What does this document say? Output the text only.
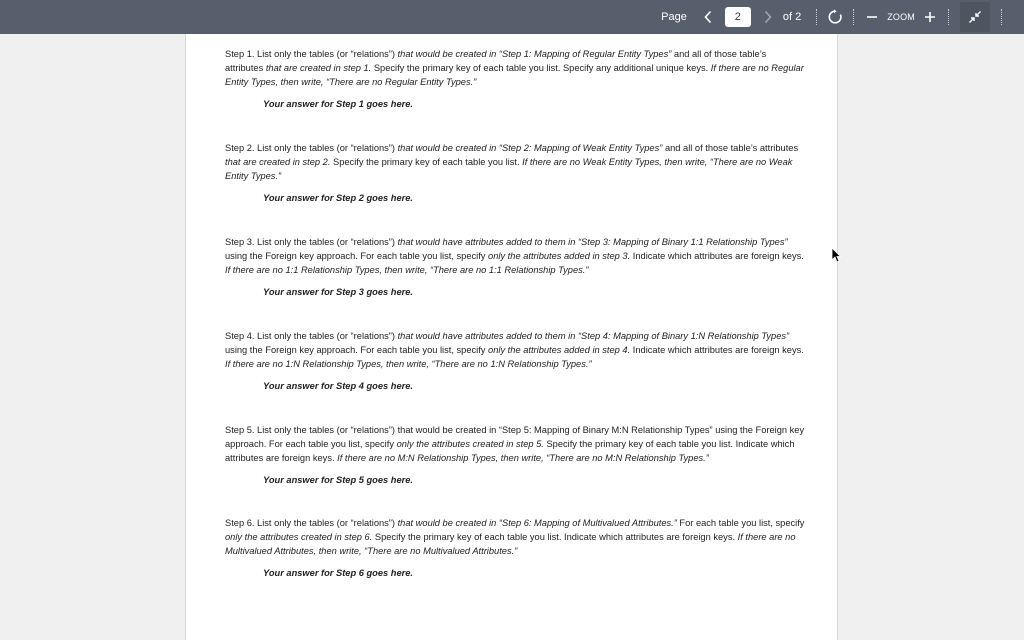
Page
2	of 2	ZOOM

Step 1. List only the tables (or “relations”) that would be created in “Step 1: Mapping of Regular Entity Types” and all of those table’s attributes that are created in step 1. Specify the primary key of each table you list. Specify any additional unique keys. If there are no Regular Entity Types, then write, “There are no Regular Entity Types.”

Your answer for Step 1 goes here.

Step 2. List only the tables (or “relations”) that would be created in “Step 2: Mapping of Weak Entity Types” and all of those table’s attributes that are created in step 2. Specify the primary key of each table you list. If there are no Weak Entity Types, then write, “There are no Weak Entity Types.”

Your answer for Step 2 goes here.

Step 3. List only the tables (or “relations”) that would have attributes added to them in “Step 3: Mapping of Binary 1:1 Relationship Types” using the Foreign key approach. For each table you list, specify only the attributes added in step 3. Indicate which attributes are foreign keys. If there are no 1:1 Relationship Types, then write, “There are no 1:1 Relationship Types.”

Your answer for Step 3 goes here.

Step 4. List only the tables (or “relations”) that would have attributes added to them in “Step 4: Mapping of Binary 1:N Relationship Types” using the Foreign key approach. For each table you list, specify only the attributes added in step 4. Indicate which attributes are foreign keys. If there are no 1:N Relationship Types, then write, “There are no 1:N Relationship Types.”

Your answer for Step 4 goes here.

Step 5. List only the tables (or “relations”) that would be created in “Step 5: Mapping of Binary M:N Relationship Types” using the Foreign key approach. For each table you list, specify only the attributes created in step 5. Specify the primary key of each table you list. Indicate which attributes are foreign keys. If there are no M:N Relationship Types, then write, “There are no M:N Relationship Types.”

Your answer for Step 5 goes here.

Step 6. List only the tables (or “relations”) that would be created in “Step 6: Mapping of Multivalued Attributes.” For each table you list, specify only the attributes created in step 6. Specify the primary key of each table you list. Indicate which attributes are foreign keys. If there are no Multivalued Attributes, then write, “There are no Multivalued Attributes.”

Your answer for Step 6 goes here.
